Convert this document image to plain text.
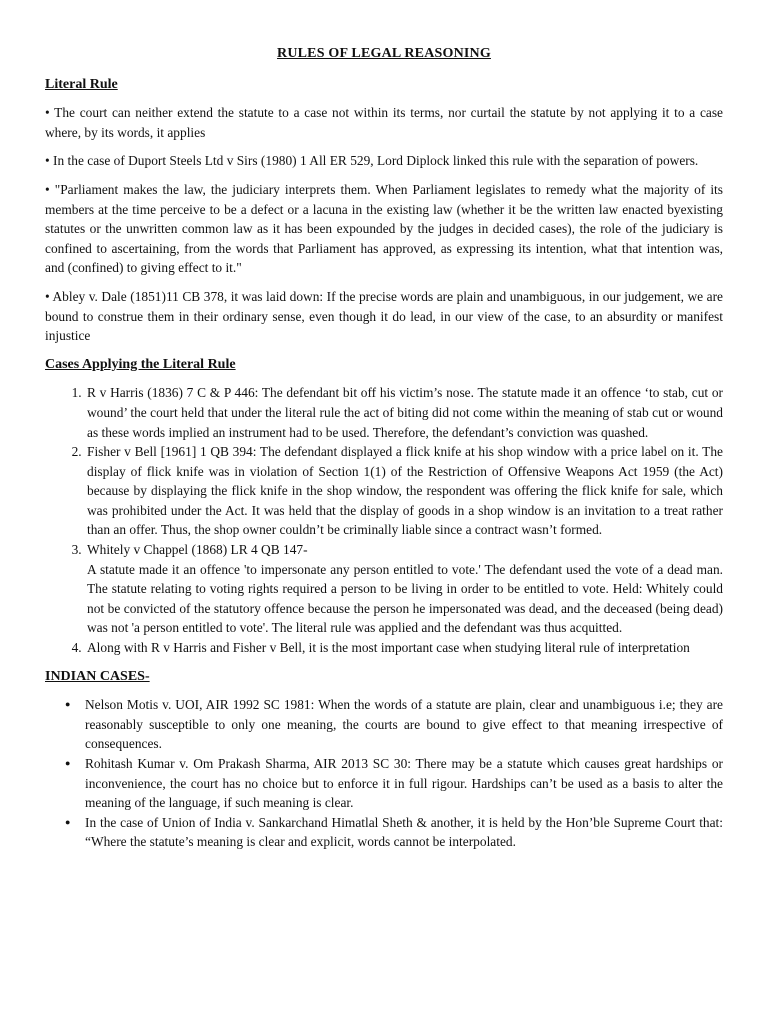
RULES OF LEGAL REASONING
Literal Rule

• The court can neither extend the statute to a case not within its terms, nor curtail the statute by not applying it to a case where, by its words, it applies

• In the case of Duport Steels Ltd v Sirs (1980) 1 All ER 529, Lord Diplock linked this rule with the separation of powers.

• "Parliament makes the law, the judiciary interprets them. When Parliament legislates to remedy what the majority of its members at the time perceive to be a defect or a lacuna in the existing law (whether it be the written law enacted byexisting statutes or the unwritten common law as it has been expounded by the judges in decided cases), the role of the judiciary is confined to ascertaining, from the words that Parliament has approved, as expressing its intention, what that intention was, and (confined) to giving effect to it."

• Abley v. Dale (1851)11 CB 378, it was laid down: If the precise words are plain and unambiguous, in our judgement, we are bound to construe them in their ordinary sense, even though it do lead, in our view of the case, to an absurdity or manifest injustice

Cases Applying the Literal Rule
1. R v Harris (1836) 7 C & P 446: The defendant bit off his victim’s nose. The statute made it an offence ‘to stab, cut or wound’ the court held that under the literal rule the act of biting did not come within the meaning of stab cut or wound as these words implied an instrument had to be used. Therefore, the defendant’s conviction was quashed.
2. Fisher v Bell [1961] 1 QB 394: The defendant displayed a flick knife at his shop window with a price label on it. The display of flick knife was in violation of Section 1(1) of the Restriction of Offensive Weapons Act 1959 (the Act) because by displaying the flick knife in the shop window, the respondent was offering the flick knife for sale, which was prohibited under the Act. It was held that the display of goods in a shop window is an invitation to a treat rather than an offer. Thus, the shop owner couldn’t be criminally liable since a contract wasn’t formed.
3. Whitely v Chappel (1868) LR 4 QB 147-
A statute made it an offence 'to impersonate any person entitled to vote.' The defendant used the vote of a dead man. The statute relating to voting rights required a person to be living in order to be entitled to vote. Held: Whitely could not be convicted of the statutory offence because the person he impersonated was dead, and the deceased (being dead) was not 'a person entitled to vote'. The literal rule was applied and the defendant was thus acquitted.
4. Along with R v Harris and Fisher v Bell, it is the most important case when studying literal rule of interpretation
INDIAN CASES-
● Nelson Motis v. UOI, AIR 1992 SC 1981: When the words of a statute are plain, clear and unambiguous i.e; they are reasonably susceptible to only one meaning, the courts are bound to give effect to that meaning irrespective of consequences.
● Rohitash Kumar v. Om Prakash Sharma, AIR 2013 SC 30: There may be a statute which causes great hardships or inconvenience, the court has no choice but to enforce it in full rigour. Hardships can’t be used as a basis to alter the meaning of the language, if such meaning is clear.
● In the case of Union of India v. Sankarchand Himatlal Sheth & another, it is held by the Hon’ble Supreme Court that: “Where the statute’s meaning is clear and explicit, words cannot be interpolated.
